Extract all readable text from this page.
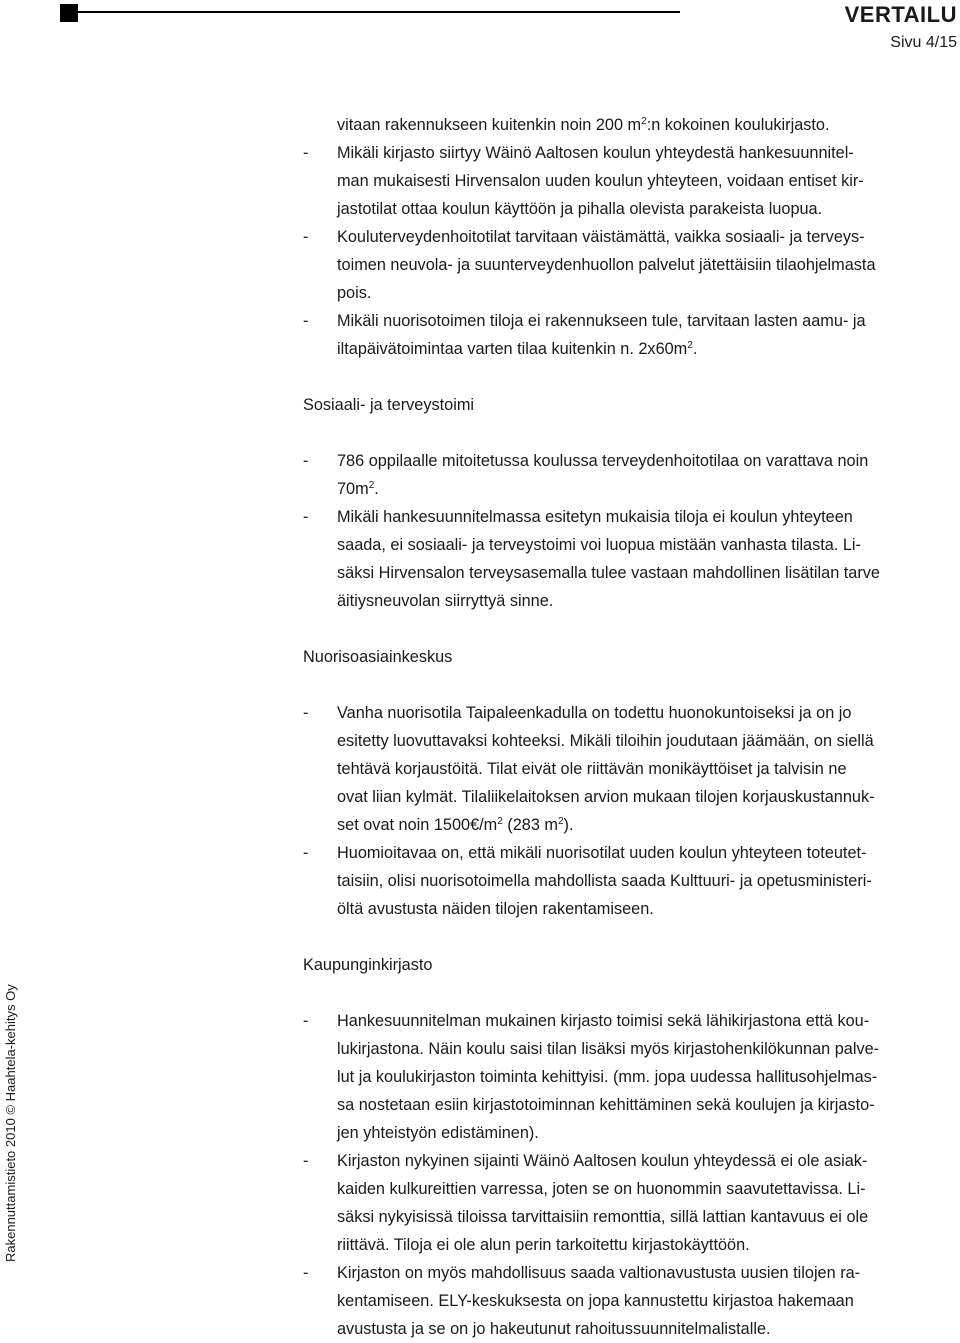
VERTAILU
Sivu 4/15
Rakennuttamistieto 2010 © Haahtela-kehitys Oy

vitaan rakennukseen kuitenkin noin 200 $m^2:n$ kokoinen koulukirjasto.

- Mikäli kirjasto siirtyy Wäinö Aaltosen koulun yhteydestä hankesuunnitel-
man mukaisesti Hirvensalon uuden koulun yhteyteen, voidaan entiset kir-
jastotilat ottaa koulun käyttöön ja pihalla olevista parakeista luopua.

- Kouluterveydenhoitotilat tarvitaan väistämättä, vaikka sosiaali- ja terveys-
toimen neuvola- ja suunterveydenhuollon palvelut jätettäisiin tilaohjelmasta
pois.

- Mikäli nuorisotoimen tiloja ei rakennukseen tule, tarvitaan lasten aamu- ja
iltapäivätoimintaa varten tilaa kuitenkin n. $2x60m^2$.

Sosiaali- ja terveystoimi

- 786 oppilaalle mitoitetussa koulussa terveydenhoitotilaa on varattava noin
$70m^2$.

- Mikäli hankesuunnitelmassa esitetyn mukaisia tiloja ei koulun yhteyteen
saada, ei sosiaali- ja terveystoimi voi luopua mistään vanhasta tilasta. Li-
säksi Hirvensalon terveysasemalla tulee vastaan mahdollinen lisätilan tarve
äitiysneuvolan siirryttyä sinne.

Nuorisoasiainkeskus

- Vanha nuorisotila Taipaleenkadulla on todettu huonokuntoiseksi ja on jo
esitetty luovuttavaksi kohteeksi. Mikäli tiloihin joudutaan jäämään, on siellä
tehtävä korjaustöitä. Tilat eivät ole riittävän monikäyttöiset ja talvisin ne
ovat liian kylmät. Tilaliikelaitoksen arvion mukaan tilojen korjauskustannuk-
set ovat noin $1500€/m^2$ (283 $m^2$).

- Huomioitavaa on, että mikäli nuorisotilat uuden koulun yhteyteen toteutet-
taisiin, olisi nuorisotoimella mahdollista saada Kulttuuri- ja opetusministeri-
öltä avustusta näiden tilojen rakentamiseen.

Kaupunginkirjasto

- Hankesuunnitelman mukainen kirjasto toimisi sekä lähikirjastona että kou-
lukirjastona. Näin koulu saisi tilan lisäksi myös kirjastohenkilökunnan palve-
lut ja koulukirjaston toiminta kehittyisi. (mm. jopa uudessa hallitusohjelmas-
sa nostetaan esiin kirjastotoiminnan kehittäminen sekä koulujen ja kirjasto-
jen yhteistyön edistäminen).

- Kirjaston nykyinen sijainti Wäinö Aaltosen koulun yhteydessä ei ole asiak-
kaiden kulkureittien varressa, joten se on huonommin saavutettavissa. Li-
säksi nykyisissä tiloissa tarvittaisiin remonttia, sillä lattian kantavuus ei ole
riittävä. Tiloja ei ole alun perin tarkoitettu kirjastokäyttöön.

- Kirjaston on myös mahdollisuus saada valtionavustusta uusien tilojen ra-
kentamiseen. ELY-keskuksesta on jopa kannustettu kirjastoa hakemaan
avustusta ja se on jo hakeutunut rahoitussuunnitelmalistalle.
